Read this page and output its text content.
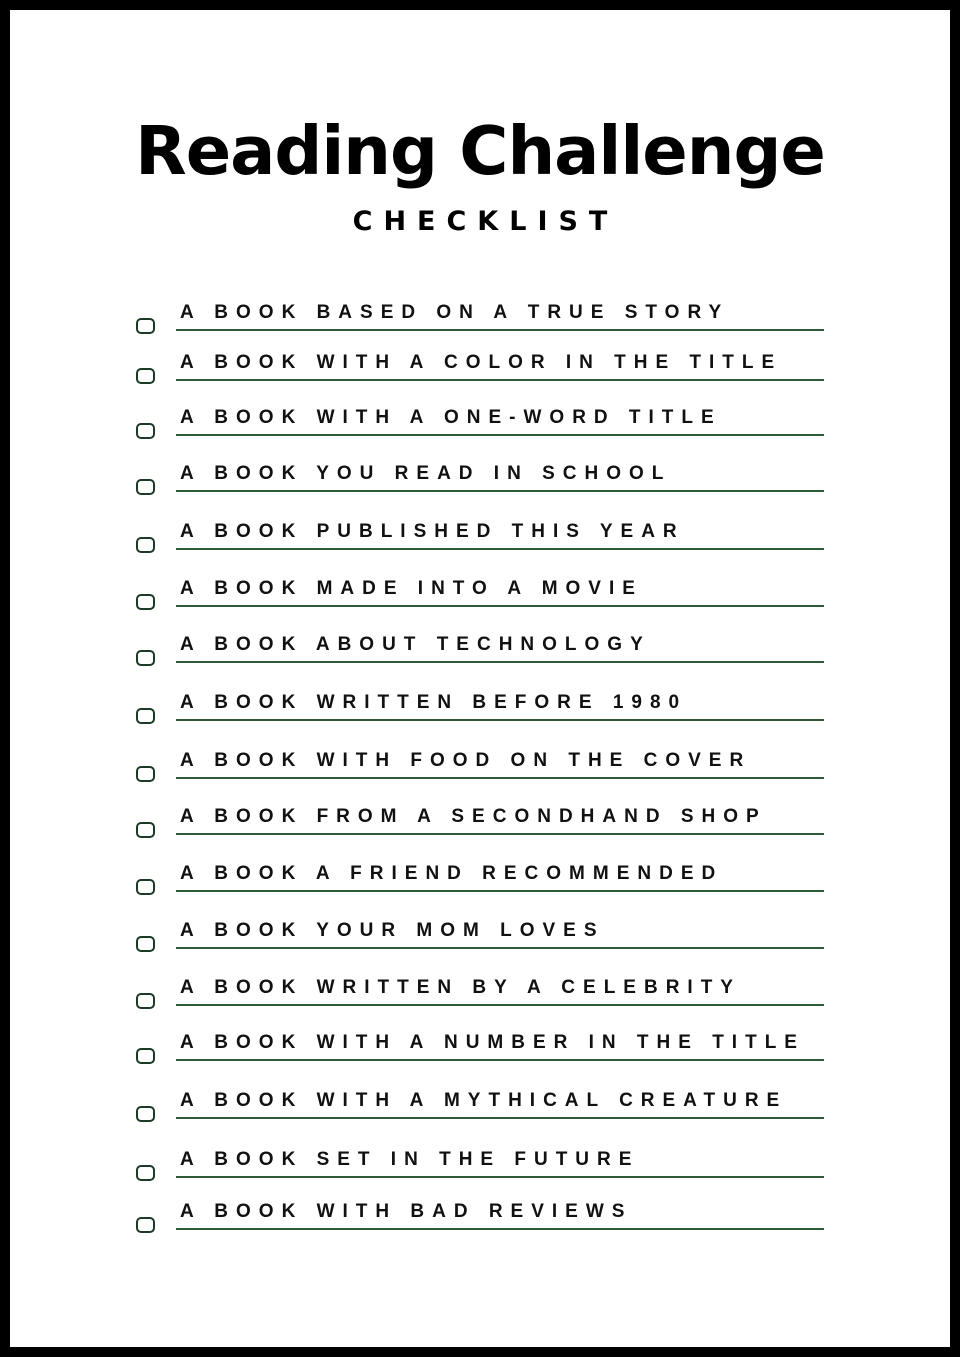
Reading Challenge
CHECKLIST
A BOOK BASED ON A TRUE STORY
A BOOK WITH A COLOR IN THE TITLE
A BOOK WITH A ONE-WORD TITLE
A BOOK YOU READ IN SCHOOL
A BOOK PUBLISHED THIS YEAR
A BOOK MADE INTO A MOVIE
A BOOK ABOUT TECHNOLOGY
A BOOK WRITTEN BEFORE 1980
A BOOK WITH FOOD ON THE COVER
A BOOK FROM A SECONDHAND SHOP
A BOOK A FRIEND RECOMMENDED
A BOOK YOUR MOM LOVES
A BOOK WRITTEN BY A CELEBRITY
A BOOK WITH A NUMBER IN THE TITLE
A BOOK WITH A MYTHICAL CREATURE
A BOOK SET IN THE FUTURE
A BOOK WITH BAD REVIEWS
